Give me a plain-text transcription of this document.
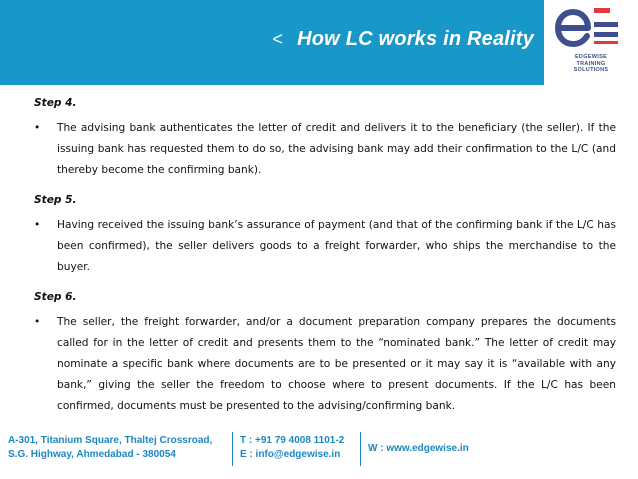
< How LC works in Reality
EDGEWISE
TRAINING
SOLUTIONS
Step 4.
•	The advising bank authenticates the letter of credit and delivers it to the beneficiary (the seller). If the issuing bank has requested them to do so, the advising bank may add their confirmation to the L/C (and thereby become the confirming bank).
Step 5.
•	Having received the issuing bank’s assurance of payment (and that of the confirming bank if the L/C has been confirmed), the seller delivers goods to a freight forwarder, who ships the merchandise to the buyer.
Step 6.
•	The seller, the freight forwarder, and/or a document preparation company prepares the documents called for in the letter of credit and presents them to the “nominated bank.” The letter of credit may nominate a specific bank where documents are to be presented or it may say it is “available with any bank,” giving the seller the freedom to choose where to present documents. If the L/C has been confirmed, documents must be presented to the advising/confirming bank.
A-301, Titanium Square, Thaltej Crossroad,
S.G. Highway, Ahmedabad - 380054
T : +91 79 4008 1101-2
E : info@edgewise.in
W : www.edgewise.in
